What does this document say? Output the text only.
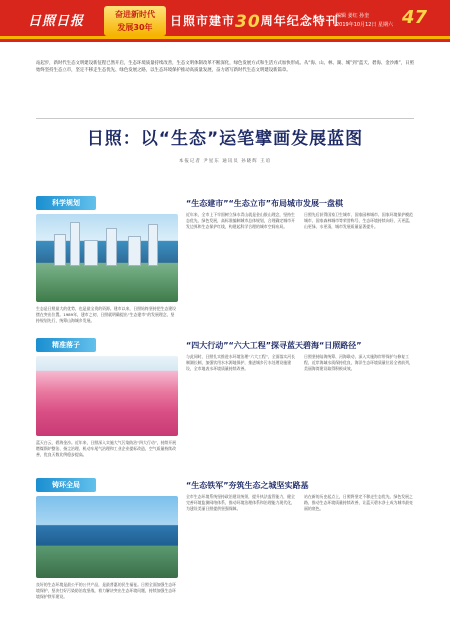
日照日报	奋进新时代
发展30年	日照市建市30周年纪念特刊
编辑 姜红 孙奎
2019年10月12日 星期六 47
站起步，新时代生态文明建设新征程已然开启，生态环境质量持续改善，生态文明体制改革不断深化，绿色发展方式和生活方式加快形成。从“海、山、林、湖、城”到“蓝天、碧海、金沙滩”，日照始终坚持生态立市，坚定不移走生态优先、绿色发展之路，以生态环境保护推动高质量发展，奋力谱写新时代生态文明建设新篇章。
日照：以“生态”运笔擘画发展蓝图
本报记者 尹星东 通讯员 孙晓辉 王谊
科学规划	“生态建市”“生态立市”布局城市发展一盘棋
生态是日照最大的优势，也是最宝贵的资源。建市以来，日照始终坚持把生态建设摆在突出位置。1989年，建市之初，日照就明确提出“生态建市”的发展理念，坚持规划先行，统筹山海城乡发展。
近年来，全市上下牢固树立绿水青山就是金山银山理念，坚持生态优先、绿色发展，高标准编制城市总体规划，合理确定城市开发边界和生态保护红线，构建起科学合理的城市空间布局。
日照先后获得国家卫生城市、国家园林城市、国家环境保护模范城市、国家森林城市等荣誉称号，生态环境持续向好，天更蓝、山更绿、水更清，城市发展质量显著提升。
精准落子	“四大行动”“六大工程”探寻蓝天碧海“日照路径”
蓝天白云，碧海金沙。近年来，日照深入实施大气污染防治“四大行动”，持续开展燃煤锅炉整治、扬尘治理、机动车尾气治理和工业企业提标改造，空气质量持续改善，优良天数比例稳步提高。
与此同时，日照扎实推进水环境治理“六大工程”，全面落实河长制湖长制，加强饮用水水源地保护，推进城乡污水处理设施建设，全市地表水环境质量持续改善。
日照坚持陆海统筹、河海联动，深入实施海岸带保护与修复工程，近岸海域水质保持优良，海洋生态环境质量位居全省前列，美丽海湾建设取得积极成效。
铸环全局	“生态铁军”夯筑生态之城坚实路基
良好的生态环境是最公平的公共产品，是最普惠的民生福祉。日照全面加强生态环境保护，坚决打好污染防治攻坚战，着力解决突出生态环境问题，持续加强生态环境保护铁军建设。
全市生态环境系统坚持政治建设统领，提升执法监管能力，健全完善环境监测网络体系，推动环境治理体系和治理能力现代化，为建设美丽日照提供坚强保障。
站在新的历史起点上，日照将坚定不移走生态优先、绿色发展之路，推动生态环境质量持续改善，让蓝天碧水净土成为城市最亮丽的底色。
